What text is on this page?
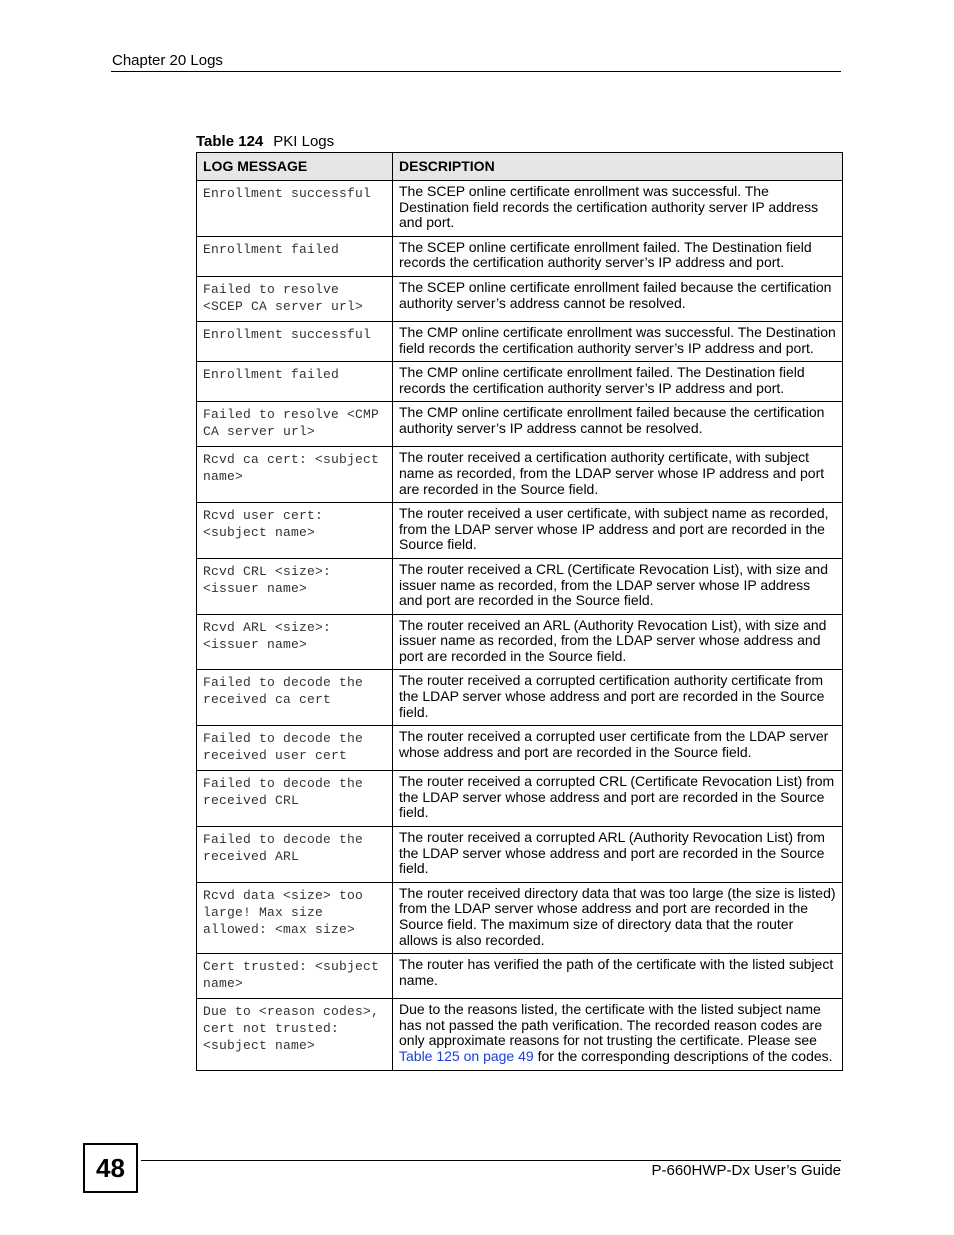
Chapter 20 Logs
Table 124 PKI Logs
LOG MESSAGE	DESCRIPTION
Enrollment successful	The SCEP online certificate enrollment was successful. The Destination field records the certification authority server IP address and port.
Enrollment failed	The SCEP online certificate enrollment failed. The Destination field records the certification authority server’s IP address and port.
Failed to resolve <SCEP CA server url>	The SCEP online certificate enrollment failed because the certification authority server’s address cannot be resolved.
Enrollment successful	The CMP online certificate enrollment was successful. The Destination field records the certification authority server’s IP address and port.
Enrollment failed	The CMP online certificate enrollment failed. The Destination field records the certification authority server’s IP address and port.
Failed to resolve <CMP CA server url>	The CMP online certificate enrollment failed because the certification authority server’s IP address cannot be resolved.
Rcvd ca cert: <subject name>	The router received a certification authority certificate, with subject name as recorded, from the LDAP server whose IP address and port are recorded in the Source field.
Rcvd user cert: <subject name>	The router received a user certificate, with subject name as recorded, from the LDAP server whose IP address and port are recorded in the Source field.
Rcvd CRL <size>: <issuer name>	The router received a CRL (Certificate Revocation List), with size and issuer name as recorded, from the LDAP server whose IP address and port are recorded in the Source field.
Rcvd ARL <size>: <issuer name>	The router received an ARL (Authority Revocation List), with size and issuer name as recorded, from the LDAP server whose address and port are recorded in the Source field.
Failed to decode the received ca cert	The router received a corrupted certification authority certificate from the LDAP server whose address and port are recorded in the Source field.
Failed to decode the received user cert	The router received a corrupted user certificate from the LDAP server whose address and port are recorded in the Source field.
Failed to decode the received CRL	The router received a corrupted CRL (Certificate Revocation List) from the LDAP server whose address and port are recorded in the Source field.
Failed to decode the received ARL	The router received a corrupted ARL (Authority Revocation List) from the LDAP server whose address and port are recorded in the Source field.
Rcvd data <size> too large! Max size allowed: <max size>	The router received directory data that was too large (the size is listed) from the LDAP server whose address and port are recorded in the Source field. The maximum size of directory data that the router allows is also recorded.
Cert trusted: <subject name>	The router has verified the path of the certificate with the listed subject name.
Due to <reason codes>, cert not trusted: <subject name>	Due to the reasons listed, the certificate with the listed subject name has not passed the path verification. The recorded reason codes are only approximate reasons for not trusting the certificate. Please see Table 125 on page 49 for the corresponding descriptions of the codes.
48	P-660HWP-Dx User’s Guide
